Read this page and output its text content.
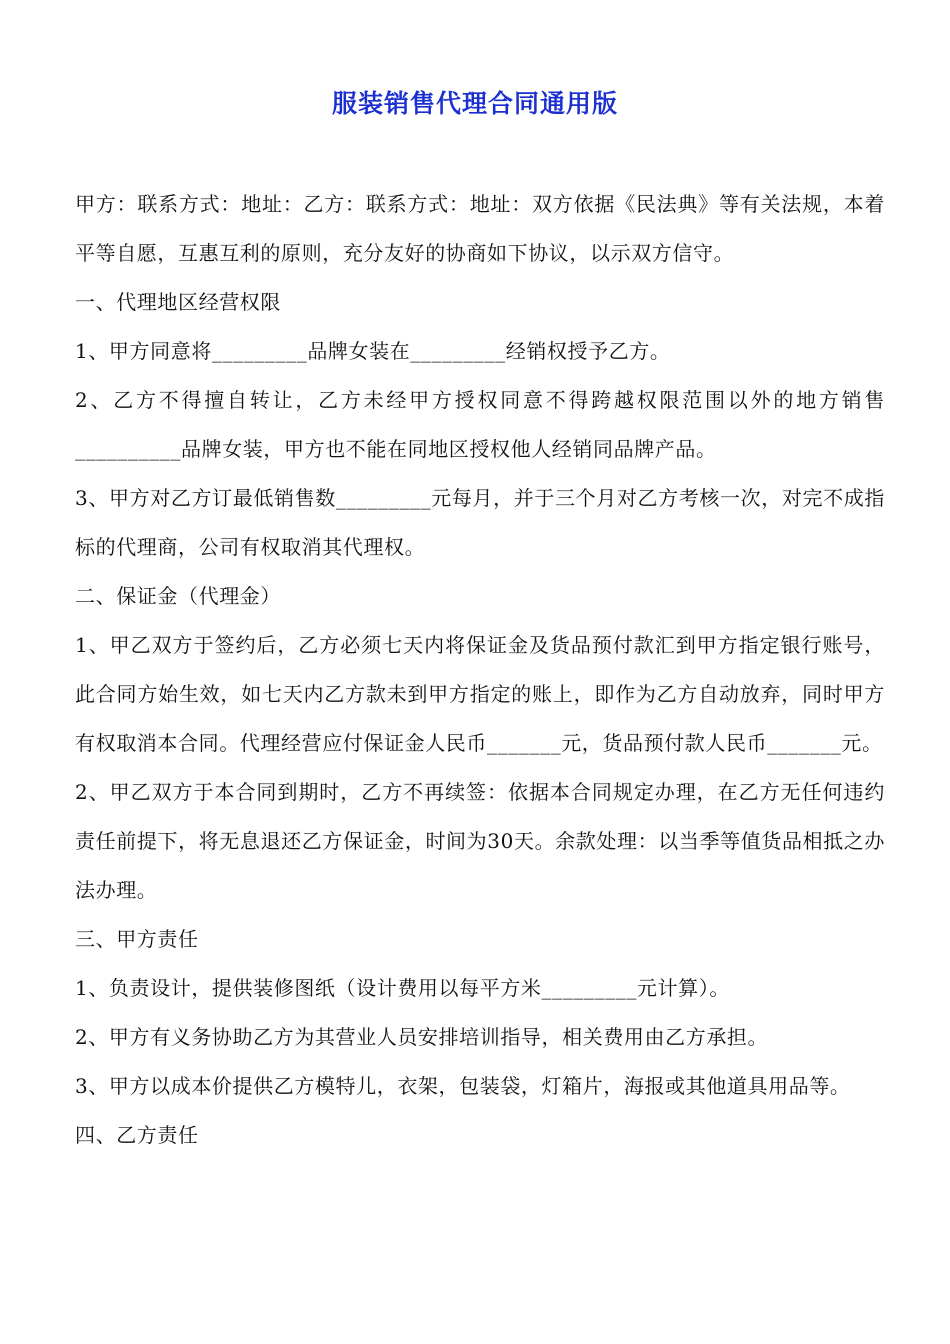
服装销售代理合同通用版

甲方：联系方式：地址：乙方：联系方式：地址：双方依据《民法典》等有关法规，本着平等自愿，互惠互利的原则，充分友好的协商如下协议，以示双方信守。

一、代理地区经营权限

1、甲方同意将_________品牌女装在_________经销权授予乙方。

2、乙方不得擅自转让，乙方未经甲方授权同意不得跨越权限范围以外的地方销售__________品牌女装，甲方也不能在同地区授权他人经销同品牌产品。

3、甲方对乙方订最低销售数_________元每月，并于三个月对乙方考核一次，对完不成指标的代理商，公司有权取消其代理权。

二、保证金（代理金）

1、甲乙双方于签约后，乙方必须七天内将保证金及货品预付款汇到甲方指定银行账号，此合同方始生效，如七天内乙方款未到甲方指定的账上，即作为乙方自动放弃，同时甲方有权取消本合同。代理经营应付保证金人民币_______元，货品预付款人民币_______元。

2、甲乙双方于本合同到期时，乙方不再续签：依据本合同规定办理，在乙方无任何违约责任前提下，将无息退还乙方保证金，时间为30天。余款处理：以当季等值货品相抵之办法办理。

三、甲方责任

1、负责设计，提供装修图纸（设计费用以每平方米_________元计算）。

2、甲方有义务协助乙方为其营业人员安排培训指导，相关费用由乙方承担。

3、甲方以成本价提供乙方模特儿，衣架，包装袋，灯箱片，海报或其他道具用品等。

四、乙方责任
